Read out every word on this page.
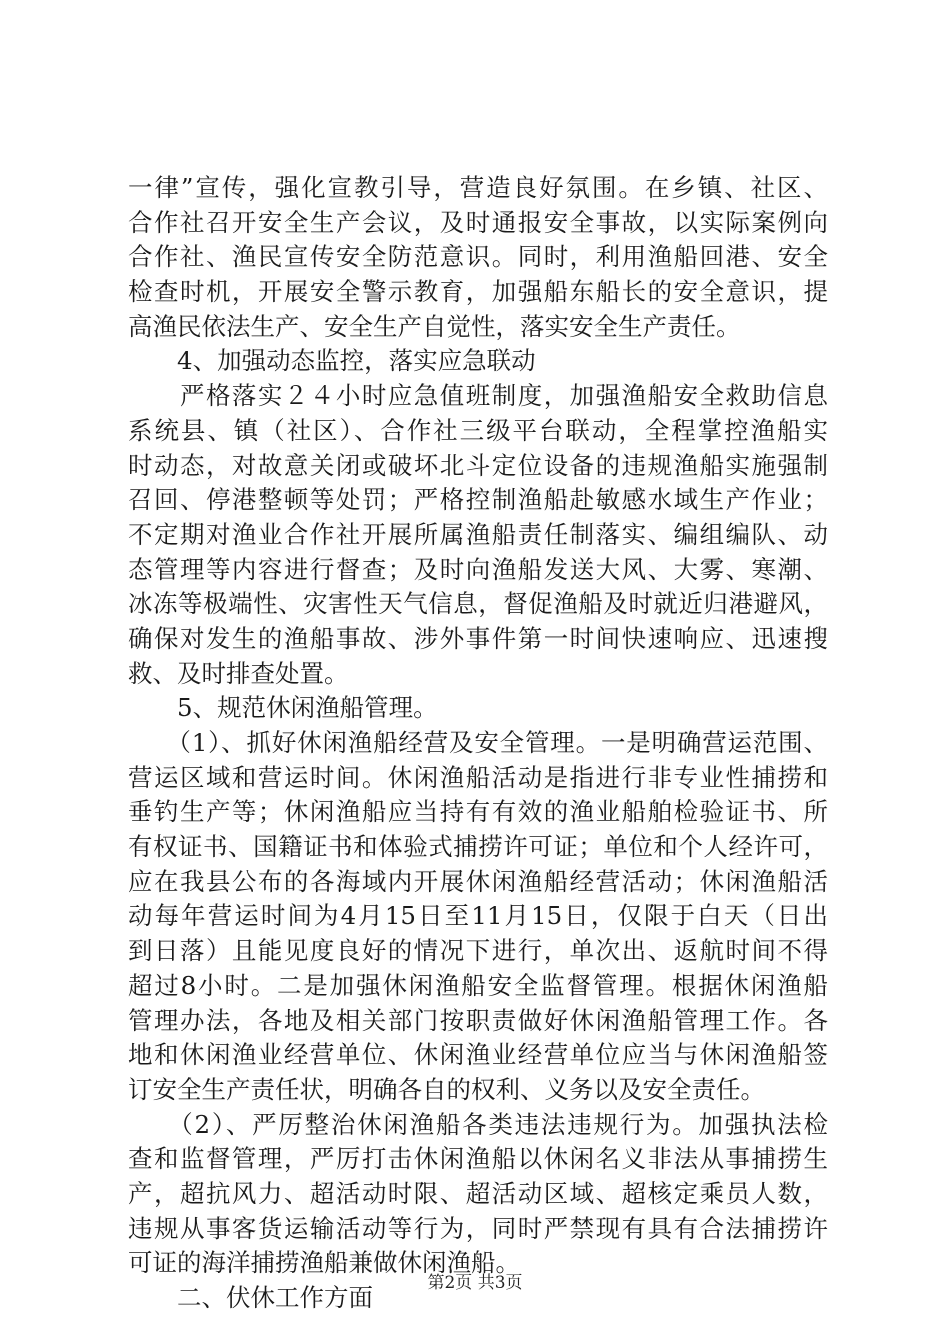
一律”宣传，强化宣教引导，营造良好氛围。在乡镇、社区、
合作社召开安全生产会议，及时通报安全事故，以实际案例向
合作社、渔民宣传安全防范意识。同时，利用渔船回港、安全
检查时机，开展安全警示教育，加强船东船长的安全意识，提
高渔民依法生产、安全生产自觉性，落实安全生产责任。
　　4、加强动态监控，落实应急联动
　　严格落实２４小时应急值班制度，加强渔船安全救助信息
系统县、镇（社区）、合作社三级平台联动，全程掌控渔船实
时动态，对故意关闭或破坏北斗定位设备的违规渔船实施强制
召回、停港整顿等处罚；严格控制渔船赴敏感水域生产作业；
不定期对渔业合作社开展所属渔船责任制落实、编组编队、动
态管理等内容进行督查；及时向渔船发送大风、大雾、寒潮、
冰冻等极端性、灾害性天气信息，督促渔船及时就近归港避风，
确保对发生的渔船事故、涉外事件第一时间快速响应、迅速搜
救、及时排查处置。
　　5、规范休闲渔船管理。
　　（1）、抓好休闲渔船经营及安全管理。一是明确营运范围、
营运区域和营运时间。休闲渔船活动是指进行非专业性捕捞和
垂钓生产等；休闲渔船应当持有有效的渔业船舶检验证书、所
有权证书、国籍证书和体验式捕捞许可证；单位和个人经许可，
应在我县公布的各海域内开展休闲渔船经营活动；休闲渔船活
动每年营运时间为4月15日至11月15日，仅限于白天（日出
到日落）且能见度良好的情况下进行，单次出、返航时间不得
超过8小时。二是加强休闲渔船安全监督管理。根据休闲渔船
管理办法，各地及相关部门按职责做好休闲渔船管理工作。各
地和休闲渔业经营单位、休闲渔业经营单位应当与休闲渔船签
订安全生产责任状，明确各自的权利、义务以及安全责任。
　　（2）、严厉整治休闲渔船各类违法违规行为。加强执法检
查和监督管理，严厉打击休闲渔船以休闲名义非法从事捕捞生
产，超抗风力、超活动时限、超活动区域、超核定乘员人数，
违规从事客货运输活动等行为，同时严禁现有具有合法捕捞许
可证的海洋捕捞渔船兼做休闲渔船。
　　二、伏休工作方面	第2页 共3页
